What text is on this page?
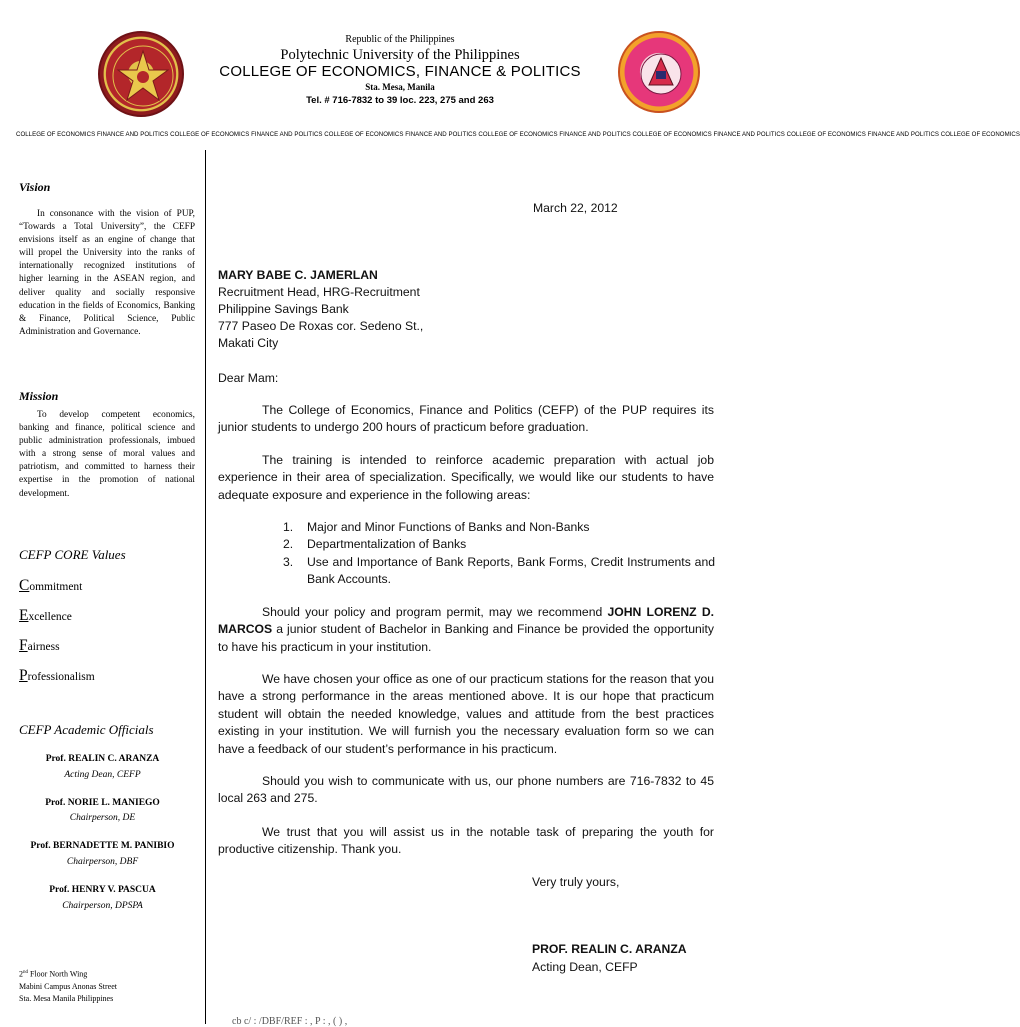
Republic of the Philippines
Polytechnic University of the Philippines
COLLEGE OF ECONOMICS, FINANCE & POLITICS
Sta. Mesa, Manila
Tel. # 716-7832 to 39 loc. 223, 275 and 263
COLLEGE OF ECONOMICS FINANCE AND POLITICS COLLEGE OF ECONOMICS FINANCE AND POLITICS COLLEGE OF ECONOMICS FINANCE AND POLITICS COLLEGE OF ECONOMICS FINANCE AND POLITICS COLLEGE OF ECONOMICS FINANCE AND POLITICS COLLEGE OF ECONOMICS FINANCE AND POLITICS COLLEGE OF ECONOMICS
Vision
In consonance with the vision of PUP, “Towards a Total University”, the CEFP envisions itself as an engine of change that will propel the University into the ranks of internationally recognized institutions of higher learning in the ASEAN region, and deliver quality and socially responsive education in the fields of Economics, Banking & Finance, Political Science, Public Administration and Governance.
Mission
To develop competent economics, banking and finance, political science and public administration professionals, imbued with a strong sense of moral values and patriotism, and committed to harness their expertise in the promotion of national development.
CEFP CORE Values
Commitment
Excellence
Fairness
Professionalism
CEFP Academic Officials
Prof. REALIN C. ARANZA
Acting Dean, CEFP
Prof. NORIE L. MANIEGO
Chairperson, DE
Prof. BERNADETTE M. PANIBIO
Chairperson, DBF
Prof. HENRY V. PASCUA
Chairperson, DPSPA
2nd Floor North Wing
Mabini Campus Anonas Street
Sta. Mesa Manila Philippines
March 22, 2012
MARY BABE C. JAMERLAN
Recruitment Head, HRG-Recruitment
Philippine Savings Bank
777 Paseo De Roxas cor. Sedeno St.,
Makati City
Dear Mam:
The College of Economics, Finance and Politics (CEFP) of the PUP requires its junior students to undergo 200 hours of practicum before graduation.
The training is intended to reinforce academic preparation with actual job experience in their area of specialization. Specifically, we would like our students to have adequate exposure and experience in the following areas:
1.	Major and Minor Functions of Banks and Non-Banks
2.	Departmentalization of Banks
3.	Use and Importance of Bank Reports, Bank Forms, Credit Instruments and Bank Accounts.
Should your policy and program permit, may we recommend JOHN LORENZ D. MARCOS a junior student of Bachelor in Banking and Finance be provided the opportunity to have his practicum in your institution.
We have chosen your office as one of our practicum stations for the reason that you have a strong performance in the areas mentioned above. It is our hope that practicum student will obtain the needed knowledge, values and attitude from the best practices existing in your institution. We will furnish you the necessary evaluation form so we can have a feedback of our student’s performance in his practicum.
Should you wish to communicate with us, our phone numbers are 716-7832 to 45 local 263 and 275.
We trust that you will assist us in the notable task of preparing the youth for productive citizenship. Thank you.
Very truly yours,
PROF. REALIN C. ARANZA
Acting Dean, CEFP
cb c/ : /DBF/REF : , P : , ( ) ,
